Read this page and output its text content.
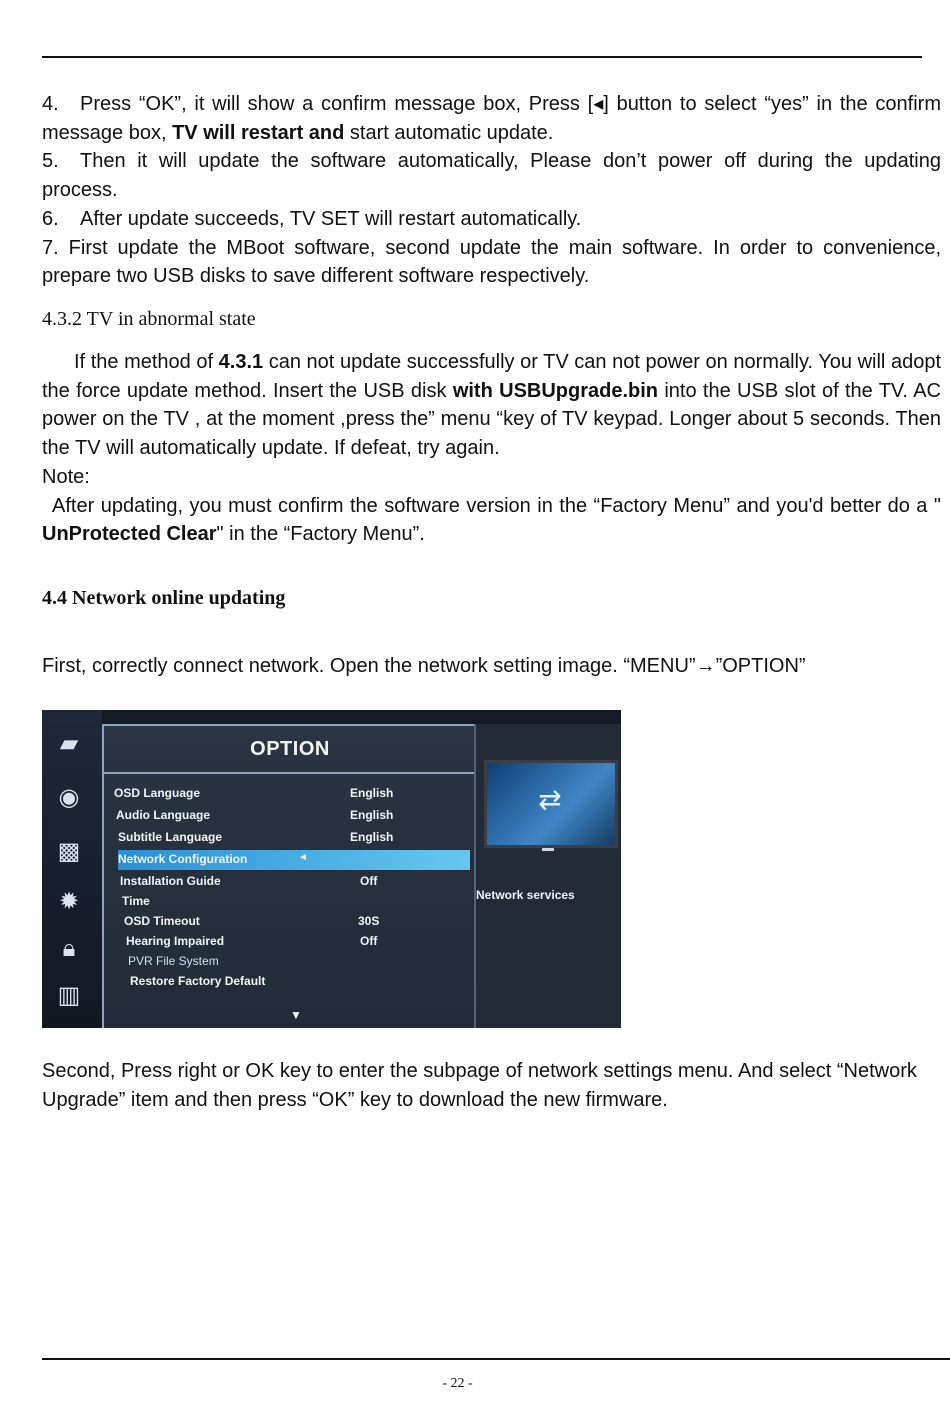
4. Press “OK”, it will show a confirm message box, Press [◂] button to select “yes” in the confirm message box, TV will restart and start automatic update.

5. Then it will update the software automatically, Please don’t power off during the updating process.

6. After update succeeds, TV SET will restart automatically.

7. First update the MBoot software, second update the main software. In order to convenience, prepare two USB disks to save different software respectively.

4.3.2 TV in abnormal state

If the method of 4.3.1 can not update successfully or TV can not power on normally. You will adopt the force update method. Insert the USB disk with USBUpgrade.bin into the USB slot of the TV. AC power on the TV , at the moment ,press the” menu “key of TV keypad. Longer about 5 seconds. Then the TV will automatically update. If defeat, try again.

Note:

After updating, you must confirm the software version in the “Factory Menu” and you'd better do a " UnProtected Clear" in the “Factory Menu”.

4.4 Network online updating

First, correctly connect network. Open the network setting image. “MENU”→”OPTION”

▰
◉
▩
✹
🔒︎
▥
OPTION
OSD Language	English
Audio Language	English
Subtitle Language	English
Network Configuration	◄
Installation Guide	Off
Time
OSD Timeout	30S
Hearing Impaired	Off
PVR File System
Restore Factory Default
▼
⇄
Network services

Second, Press right or OK key to enter the subpage of network settings menu. And select “Network Upgrade” item and then press “OK” key to download the new firmware.

- 22 -
